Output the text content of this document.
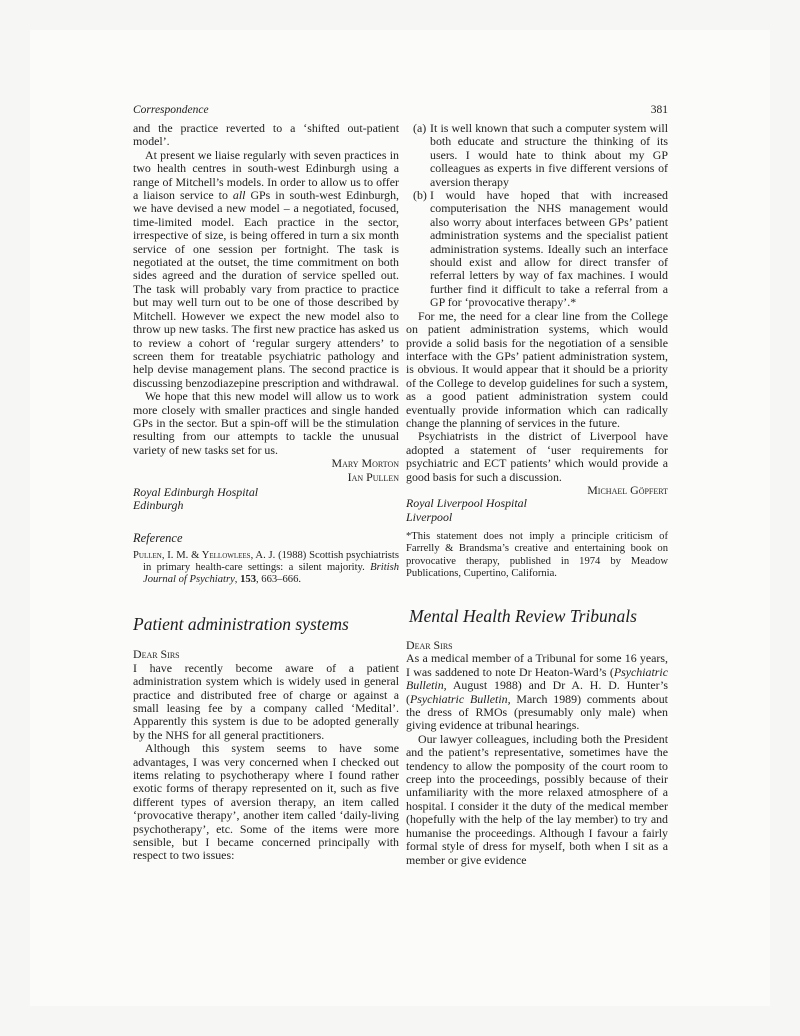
Correspondence	381

and the practice reverted to a ‘shifted out-patient model’.

At present we liaise regularly with seven practices in two health centres in south-west Edinburgh using a range of Mitchell’s models. In order to allow us to offer a liaison service to all GPs in south-west Edinburgh, we have devised a new model – a negotiated, focused, time-limited model. Each practice in the sector, irrespective of size, is being offered in turn a six month service of one session per fortnight. The task is negotiated at the outset, the time commitment on both sides agreed and the duration of service spelled out. The task will probably vary from practice to practice but may well turn out to be one of those described by Mitchell. However we expect the new model also to throw up new tasks. The first new practice has asked us to review a cohort of ‘regular surgery attenders’ to screen them for treatable psychiatric pathology and help devise management plans. The second practice is discussing benzodiazepine prescription and withdrawal.

We hope that this new model will allow us to work more closely with smaller practices and single handed GPs in the sector. But a spin-off will be the stimulation resulting from our attempts to tackle the unusual variety of new tasks set for us.

Mary Morton

Ian Pullen

Royal Edinburgh Hospital

Edinburgh

Reference

Pullen, I. M. & Yellowlees, A. J. (1988) Scottish psychiatrists in primary health-care settings: a silent majority. British Journal of Psychiatry, 153, 663–666.

Patient administration systems

Dear Sirs

I have recently become aware of a patient administration system which is widely used in general practice and distributed free of charge or against a small leasing fee by a company called ‘Medital’. Apparently this system is due to be adopted generally by the NHS for all general practitioners.

Although this system seems to have some advantages, I was very concerned when I checked out items relating to psychotherapy where I found rather exotic forms of therapy represented on it, such as five different types of aversion therapy, an item called ‘provocative therapy’, another item called ‘daily-living psychotherapy’, etc. Some of the items were more sensible, but I became concerned principally with respect to two issues:

(a) It is well known that such a computer system will both educate and structure the thinking of its users. I would hate to think about my GP colleagues as experts in five different versions of aversion therapy
(b) I would have hoped that with increased computerisation the NHS management would also worry about interfaces between GPs’ patient administration systems and the specialist patient administration systems. Ideally such an interface should exist and allow for direct transfer of referral letters by way of fax machines. I would further find it difficult to take a referral from a GP for ‘provocative therapy’.*

For me, the need for a clear line from the College on patient administration systems, which would provide a solid basis for the negotiation of a sensible interface with the GPs’ patient administration system, is obvious. It would appear that it should be a priority of the College to develop guidelines for such a system, as a good patient administration system could eventually provide information which can radically change the planning of services in the future.

Psychiatrists in the district of Liverpool have adopted a statement of ‘user requirements for psychiatric and ECT patients’ which would provide a good basis for such a discussion.

Michael Göpfert

Royal Liverpool Hospital

Liverpool

*This statement does not imply a principle criticism of Farrelly & Brandsma’s creative and entertaining book on provocative therapy, published in 1974 by Meadow Publications, Cupertino, California.

Mental Health Review Tribunals

Dear Sirs

As a medical member of a Tribunal for some 16 years, I was saddened to note Dr Heaton-Ward’s (Psychiatric Bulletin, August 1988) and Dr A. H. D. Hunter’s (Psychiatric Bulletin, March 1989) comments about the dress of RMOs (presumably only male) when giving evidence at tribunal hearings.

Our lawyer colleagues, including both the President and the patient’s representative, sometimes have the tendency to allow the pomposity of the court room to creep into the proceedings, possibly because of their unfamiliarity with the more relaxed atmosphere of a hospital. I consider it the duty of the medical member (hopefully with the help of the lay member) to try and humanise the proceedings. Although I favour a fairly formal style of dress for myself, both when I sit as a member or give evidence
